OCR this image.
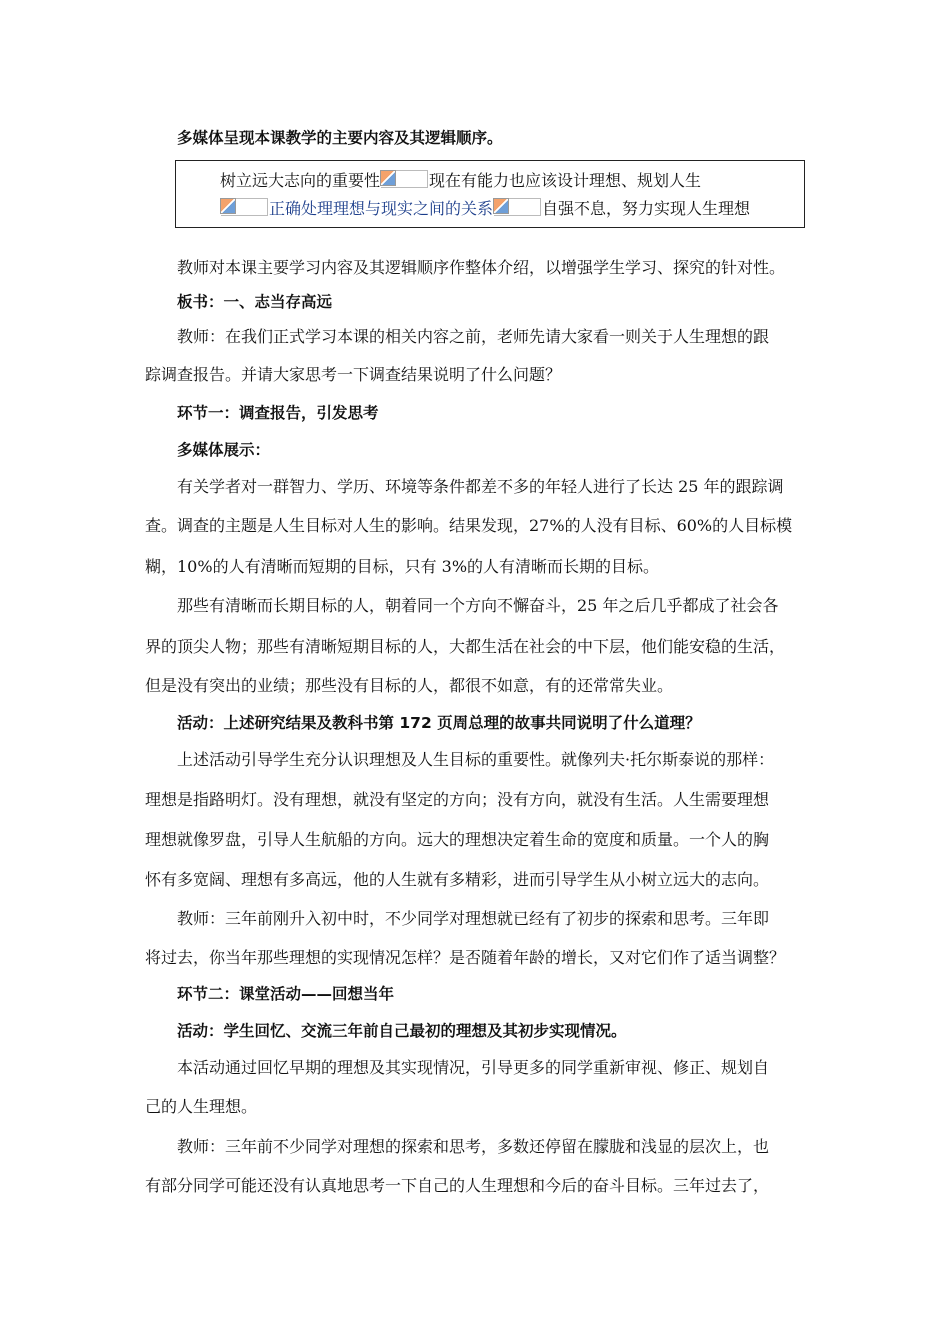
多媒体呈现本课教学的主要内容及其逻辑顺序。
树立远大志向的重要性	现在有能力也应该设计理想、规划人生
正确处理理想与现实之间的关系	自强不息，努力实现人生理想
教师对本课主要学习内容及其逻辑顺序作整体介绍，以增强学生学习、探究的针对性。
板书：一、志当存高远
教师：在我们正式学习本课的相关内容之前，老师先请大家看一则关于人生理想的跟
踪调查报告。并请大家思考一下调查结果说明了什么问题？
环节一：调查报告，引发思考
多媒体展示：
有关学者对一群智力、学历、环境等条件都差不多的年轻人进行了长达 25 年的跟踪调
查。调查的主题是人生目标对人生的影响。结果发现，27%的人没有目标、60%的人目标模
糊，10%的人有清晰而短期的目标，只有 3%的人有清晰而长期的目标。
那些有清晰而长期目标的人，朝着同一个方向不懈奋斗，25 年之后几乎都成了社会各
界的顶尖人物；那些有清晰短期目标的人，大都生活在社会的中下层，他们能安稳的生活，
但是没有突出的业绩；那些没有目标的人，都很不如意，有的还常常失业。
活动：上述研究结果及教科书第 172 页周总理的故事共同说明了什么道理？
上述活动引导学生充分认识理想及人生目标的重要性。就像列夫·托尔斯泰说的那样：
理想是指路明灯。没有理想，就没有坚定的方向；没有方向，就没有生活。人生需要理想
理想就像罗盘，引导人生航船的方向。远大的理想决定着生命的宽度和质量。一个人的胸
怀有多宽阔、理想有多高远，他的人生就有多精彩，进而引导学生从小树立远大的志向。
教师：三年前刚升入初中时，不少同学对理想就已经有了初步的探索和思考。三年即
将过去，你当年那些理想的实现情况怎样？是否随着年龄的增长，又对它们作了适当调整？
环节二：课堂活动——回想当年
活动：学生回忆、交流三年前自己最初的理想及其初步实现情况。
本活动通过回忆早期的理想及其实现情况，引导更多的同学重新审视、修正、规划自
己的人生理想。
教师：三年前不少同学对理想的探索和思考，多数还停留在朦胧和浅显的层次上，也
有部分同学可能还没有认真地思考一下自己的人生理想和今后的奋斗目标。三年过去了，
